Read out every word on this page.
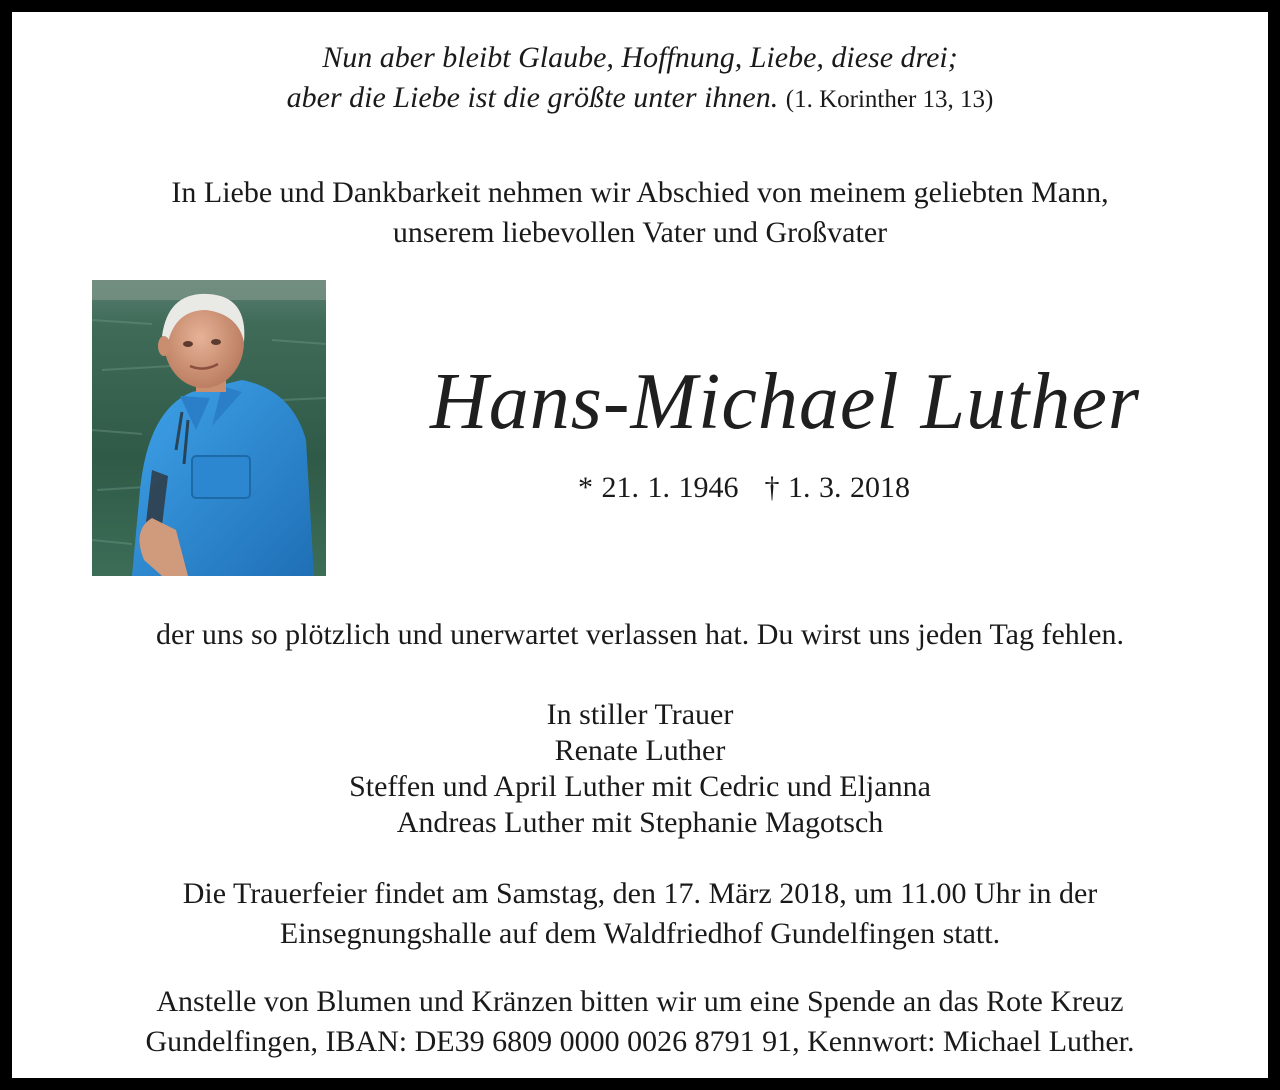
Nun aber bleibt Glaube, Hoffnung, Liebe, diese drei;
aber die Liebe ist die größte unter ihnen. (1. Korinther 13, 13)
In Liebe und Dankbarkeit nehmen wir Abschied von meinem geliebten Mann,
unserem liebevollen Vater und Großvater
Hans-Michael Luther
* 21. 1. 1946 † 1. 3. 2018
der uns so plötzlich und unerwartet verlassen hat. Du wirst uns jeden Tag fehlen.
In stiller Trauer
Renate Luther
Steffen und April Luther mit Cedric und Eljanna
Andreas Luther mit Stephanie Magotsch
Die Trauerfeier findet am Samstag, den 17. März 2018, um 11.00 Uhr in der
Einsegnungshalle auf dem Waldfriedhof Gundelfingen statt.
Anstelle von Blumen und Kränzen bitten wir um eine Spende an das Rote Kreuz
Gundelfingen, IBAN: DE39 6809 0000 0026 8791 91, Kennwort: Michael Luther.
